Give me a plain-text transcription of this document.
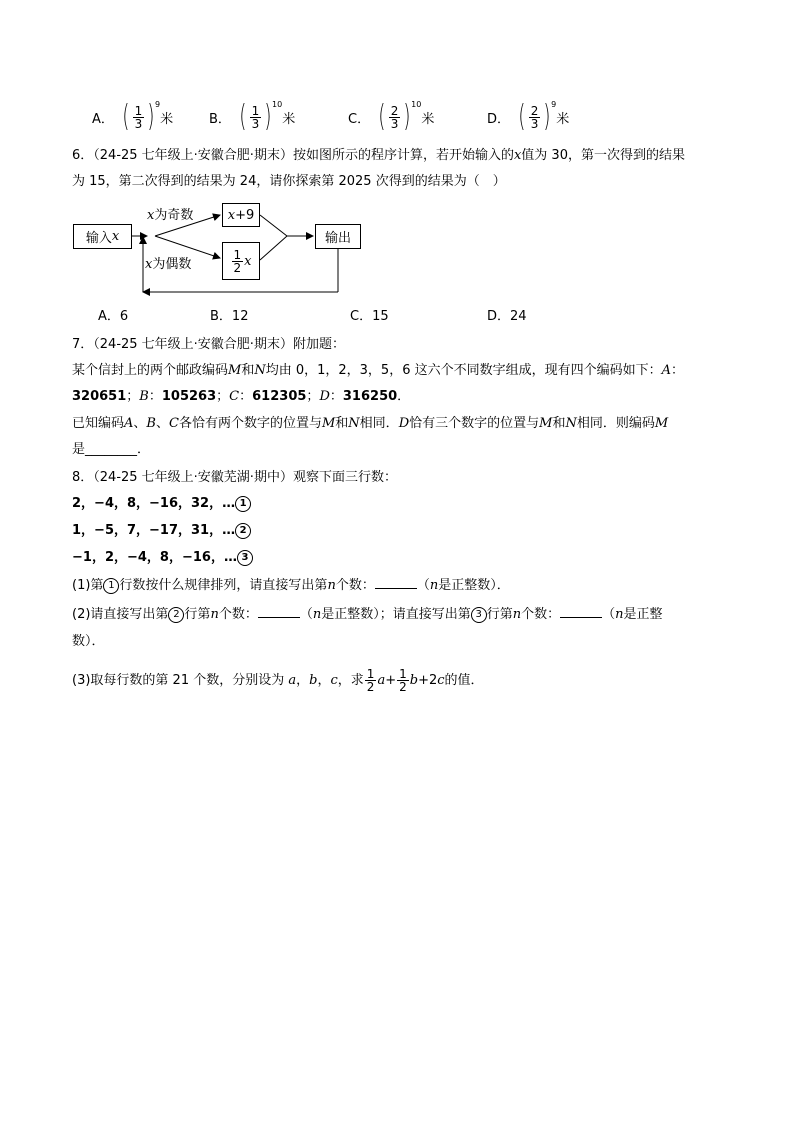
A． ( $\frac{1}{3}$ ) 9
米	B． ( $\frac{1}{3}$ ) 10
米	C． ( $\frac{2}{3}$ ) 10
米	D． ( $\frac{2}{3}$ ) 9
米
6．（24-25 七年级上·安徽合肥·期末）按如图所示的程序计算，若开始输入的x值为 30，第一次得到的结果
为 15，第二次得到的结果为 24，请你探索第 2025 次得到的结果为（　）
输入 x
x为奇数
x为偶数
x +9
$\frac{1}{2}$ x
输出
A．6	B．12	C．15	D．24
7．（24-25 七年级上·安徽合肥·期末）附加题：
某个信封上的两个邮政编码M和N均由 0，1，2，3，5，6 这六个不同数字组成，现有四个编码如下：A：
320651；B：105263；C：612305；D：316250．
已知编码A、B、C各恰有两个数字的位置与M和N相同．D恰有三个数字的位置与M和N相同．则编码M
是________．
8．（24-25 七年级上·安徽芜湖·期中）观察下面三行数：
2，−4，8，−16，32，… 1
1，−5，7，−17，31，… 2
−1，2，−4，8，−16，… 3
(1)第 1 行数按什么规律排列，请直接写出第n个数：	（n是正整数）．
(2)请直接写出第 2 行第n个数：	（n是正整数）；请直接写出第 3 行第n个数：	（n是正整
数）．
(3)取每行数的第 21 个数，分别设为 a，b，c，求 $\frac{1}{2} a+ \frac{1}{2} b+2c$的值．
